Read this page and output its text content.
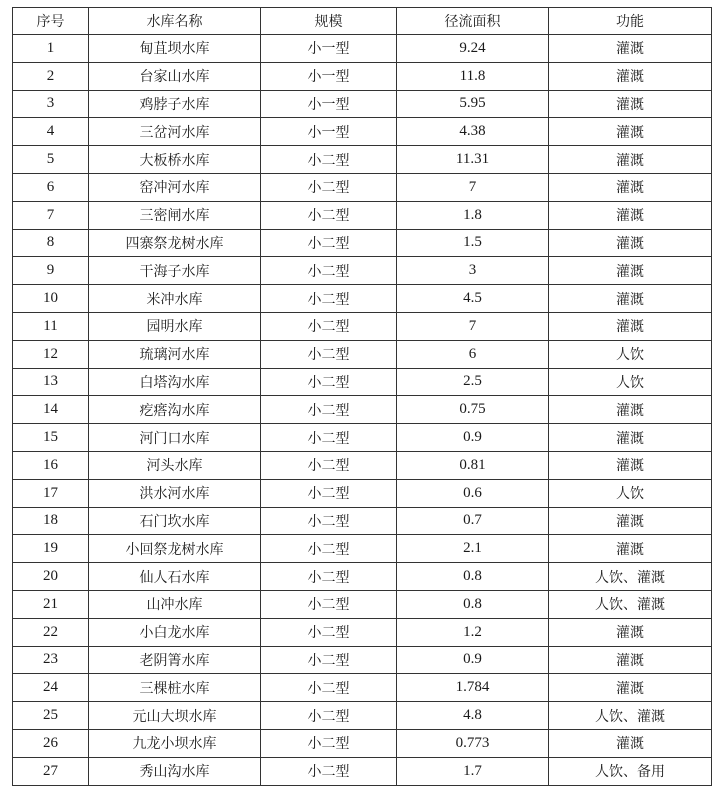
序号	水库名称	规模	径流面积	功能
1	甸苴坝水库	小一型	9.24	灌溉
2	台家山水库	小一型	11.8	灌溉
3	鸡脖子水库	小一型	5.95	灌溉
4	三岔河水库	小一型	4.38	灌溉
5	大板桥水库	小二型	11.31	灌溉
6	窑冲河水库	小二型	7	灌溉
7	三密闸水库	小二型	1.8	灌溉
8	四寨祭龙树水库	小二型	1.5	灌溉
9	干海子水库	小二型	3	灌溉
10	米冲水库	小二型	4.5	灌溉
11	园明水库	小二型	7	灌溉
12	琉璃河水库	小二型	6	人饮
13	白塔沟水库	小二型	2.5	人饮
14	疙瘩沟水库	小二型	0.75	灌溉
15	河门口水库	小二型	0.9	灌溉
16	河头水库	小二型	0.81	灌溉
17	洪水河水库	小二型	0.6	人饮
18	石门坎水库	小二型	0.7	灌溉
19	小回祭龙树水库	小二型	2.1	灌溉
20	仙人石水库	小二型	0.8	人饮、灌溉
21	山冲水库	小二型	0.8	人饮、灌溉
22	小白龙水库	小二型	1.2	灌溉
23	老阴箐水库	小二型	0.9	灌溉
24	三棵桩水库	小二型	1.784	灌溉
25	元山大坝水库	小二型	4.8	人饮、灌溉
26	九龙小坝水库	小二型	0.773	灌溉
27	秀山沟水库	小二型	1.7	人饮、备用
